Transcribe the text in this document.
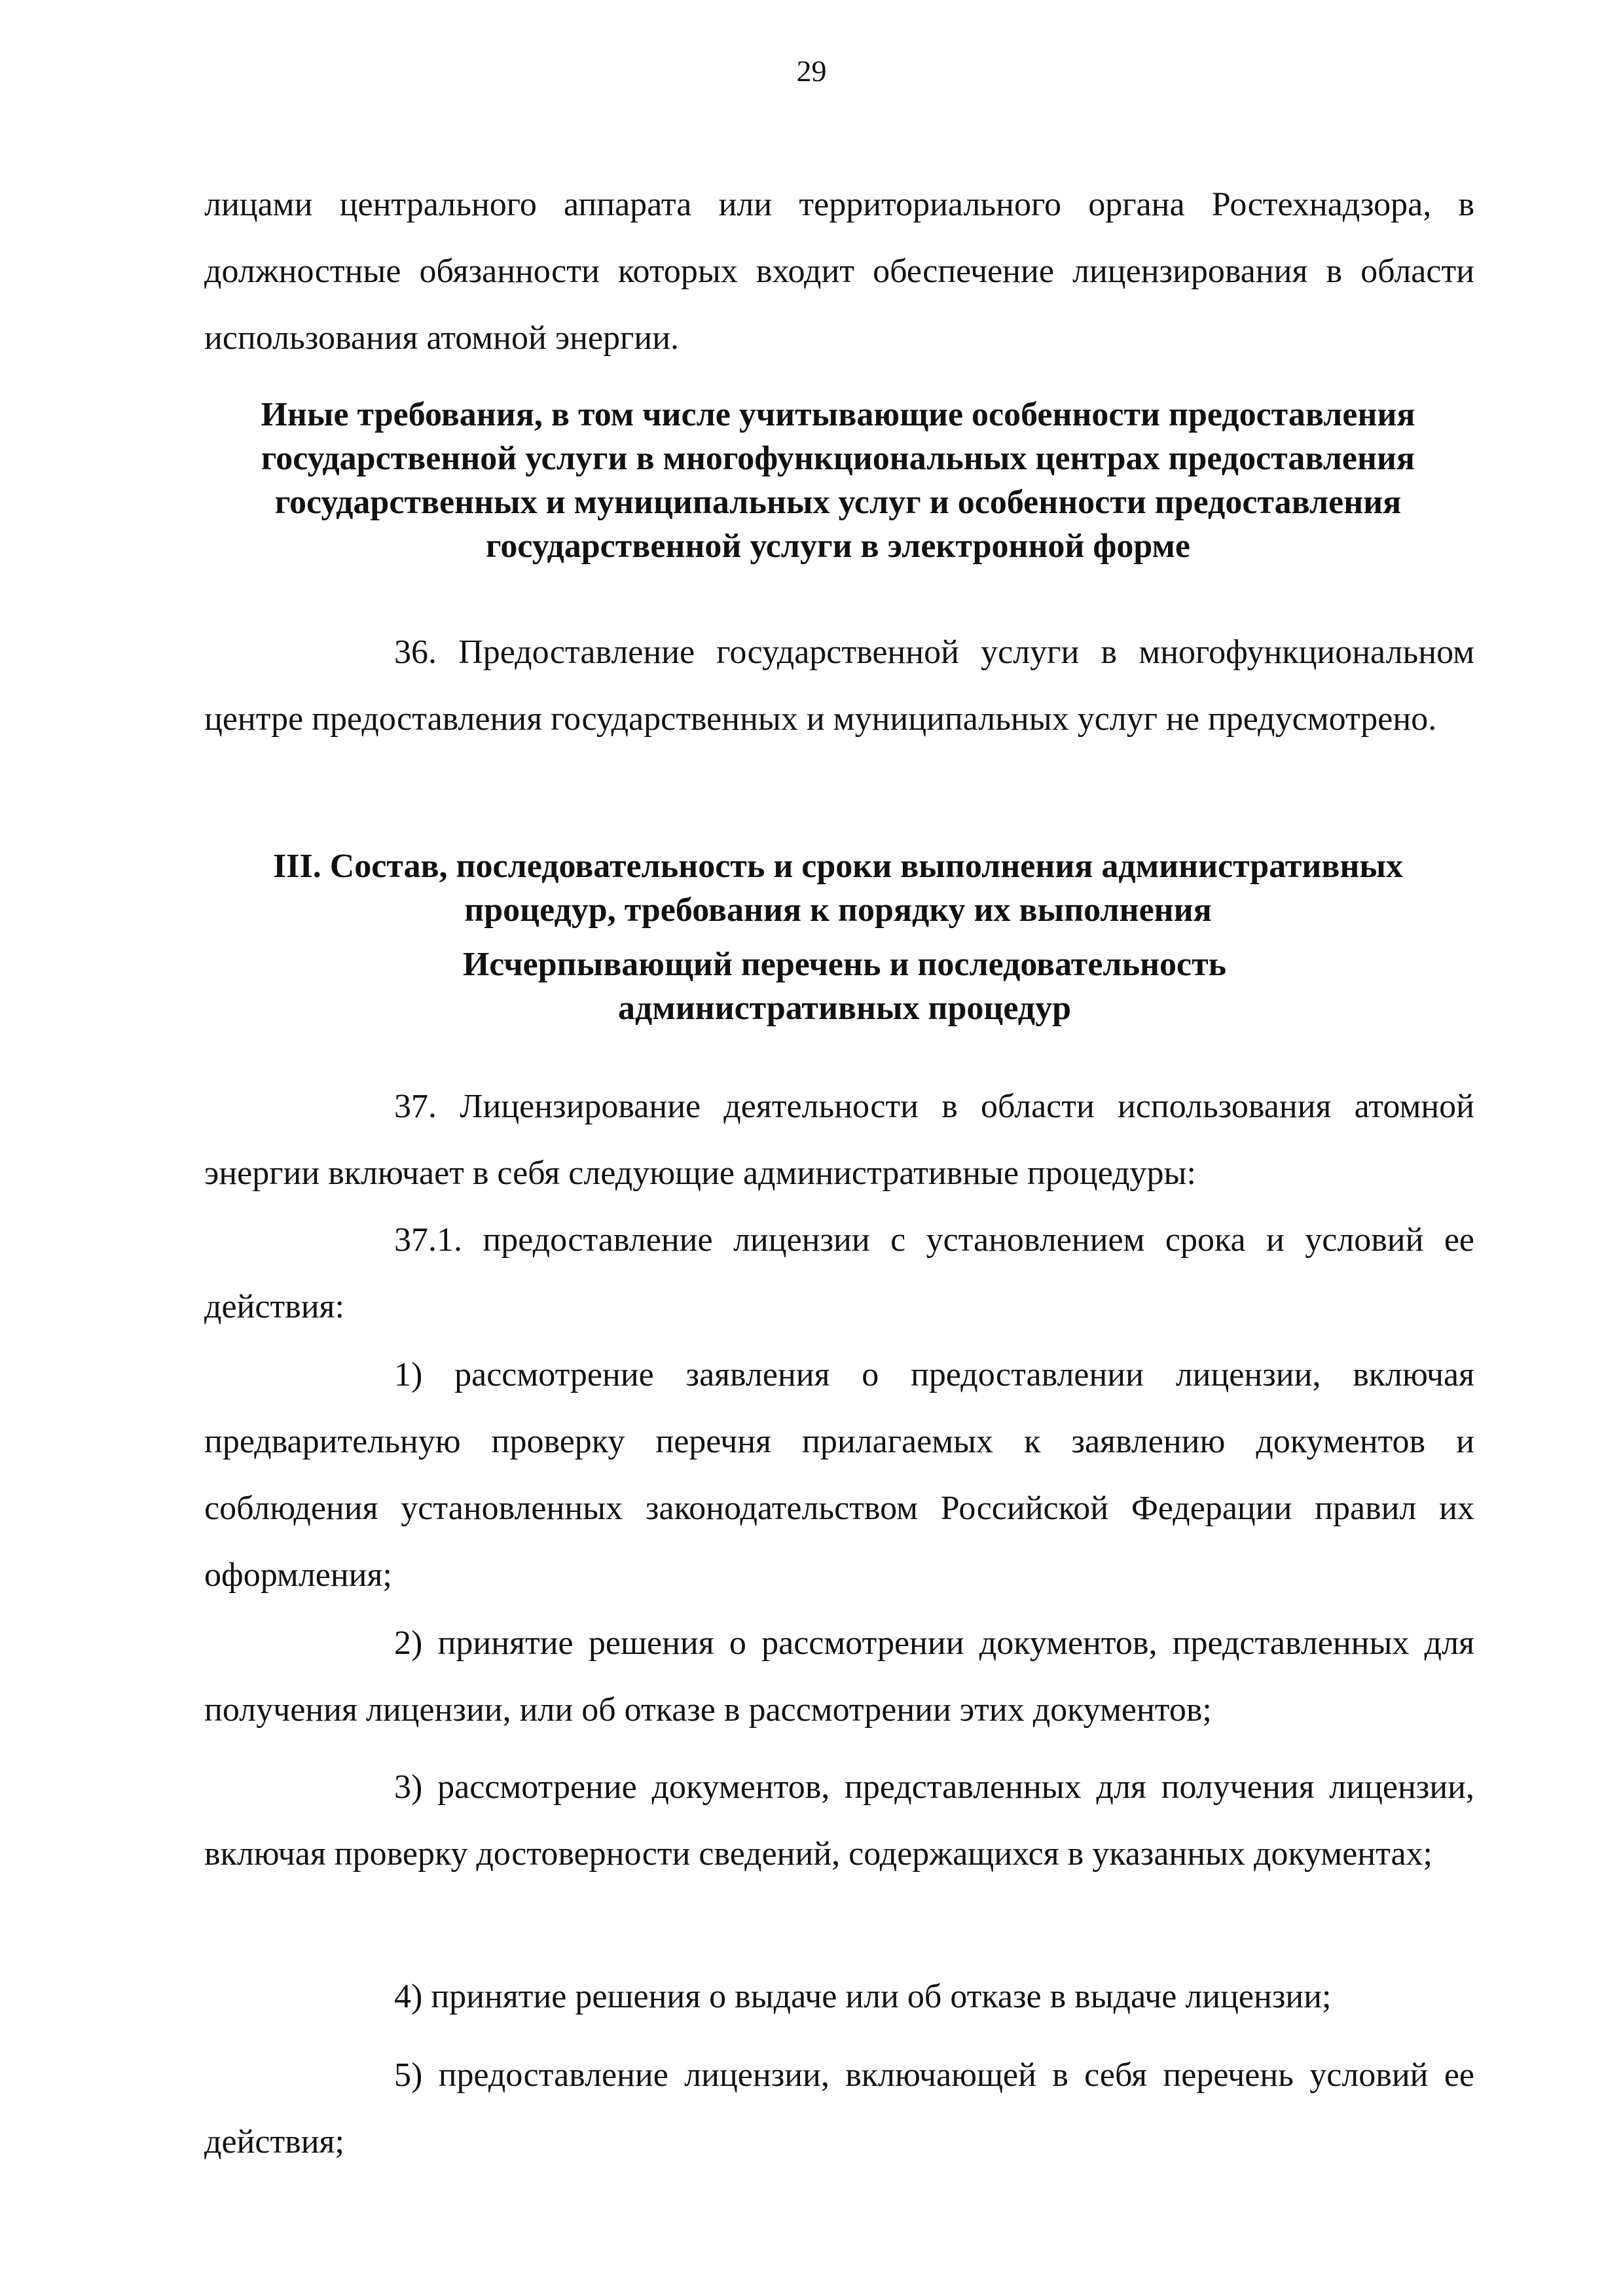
29

лицами центрального аппарата или территориального органа Ростехнадзора, в должностные обязанности которых входит обеспечение лицензирования в области использования атомной энергии.

Иные требования, в том числе учитывающие особенности предоставления государственной услуги в многофункциональных центрах предоставления государственных и муниципальных услуг и особенности предоставления государственной услуги в электронной форме

36. Предоставление государственной услуги в многофункциональном центре предоставления государственных и муниципальных услуг не предусмотрено.

III. Состав, последовательность и сроки выполнения административных процедур, требования к порядку их выполнения

Исчерпывающий перечень и последовательность административных процедур

37. Лицензирование деятельности в области использования атомной энергии включает в себя следующие административные процедуры:

37.1. предоставление лицензии с установлением срока и условий ее действия:

1) рассмотрение заявления о предоставлении лицензии, включая предварительную проверку перечня прилагаемых к заявлению документов и соблюдения установленных законодательством Российской Федерации правил их оформления;

2) принятие решения о рассмотрении документов, представленных для получения лицензии, или об отказе в рассмотрении этих документов;

3) рассмотрение документов, представленных для получения лицензии, включая проверку достоверности сведений, содержащихся в указанных документах;

4) принятие решения о выдаче или об отказе в выдаче лицензии;

5) предоставление лицензии, включающей в себя перечень условий ее действия;
